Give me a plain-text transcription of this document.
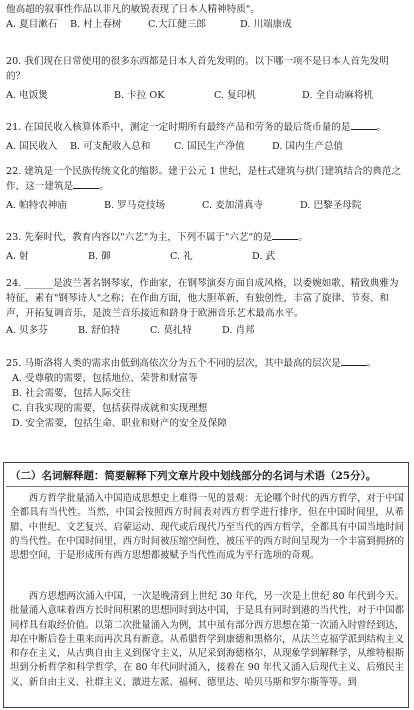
他高超的叙事性作品以非凡的敏锐表现了日本人精神特质"。
A. 夏目漱石	B. 村上春树	C.大江健三郎	D. 川端康成
20. 我们现在日常使用的很多东西都是日本人首先发明的。以下哪一项不是日本人首先发明的？
A. 电饭煲	B. 卡拉 OK	C. 复印机	D. 全自动麻将机
21. 在国民收入核算体系中，测定一定时期所有最终产品和劳务的最后货币量的是	。
A. 国民收入	B. 可支配收入总和	C. 国民生产净值	D. 国内生产总值
22. 建筑是一个民族传统文化的缩影。建于公元 1 世纪，是柱式建筑与拱门建筑结合的典范之作，这一建筑是	。
A. 帕特农神庙	B. 罗马竞技场	C. 麦加清真寺	D. 巴黎圣母院
23. 先秦时代，教育内容以"六艺"为主，下列不属于"六艺"的是	。
A. 射	B. 御	C. 礼	D. 武
24. ______是波兰著名钢琴家，作曲家，在钢琴演奏方面自成风格，以委婉如歌、精致典雅为特征，素有"钢琴诗人"之称；在作曲方面，他大胆革新，有独创性，丰富了旋律、节奏、和声，开拓复调音乐，是波兰音乐接近和跻身于欧洲音乐艺术最高水平。
A. 贝多芬	B. 舒伯特	C. 莫扎特	D. 肖邦
25. 马斯洛将人类的需求由低到高依次分为五个不同的层次，其中最高的层次是	。
A. 受尊敬的需要，包括地位、荣誉和财富等
B. 社会需要，包括人际交往
C. 自我实现的需要，包括获得成就和实现理想
D. 安全需要，包括生命、职业和财产的安全及保障
（二）名词解释题：简要解释下列文章片段中划线部分的名词与术语（25分）。
西方哲学批量涌入中国造成思想史上难得一见的景观：无论哪个时代的西方哲学，对于中国全都具有当代性。当然，中国会按照西方时间表对西方哲学进行排序，但在中国时间里，从希腊、中世纪、文艺复兴、启蒙运动、现代或后现代乃至当代的西方哲学，全都具有中国当地时间的当代性。在中国时间里，西方时间被压缩空间性，被压平的西方时间呈现为一个丰富到拥挤的思想空间，于是形成所有西方思想都被赋予当代性而成为平行选项的奇观。
西方思想两次涌入中国，一次是晚清到上世纪 30 年代，另一次是上世纪 80 年代到今天。批量涌入意味着西方长时间积累的思想同时到达中国，于是具有同时到港的当代性，对于中国都同样具有取经价值。以第二次批量涌入为例，其中虽有部分西方思想在第一次涌入时曾经到达，却在中断后卷土重来而再次具有新意。从希腊哲学到康德和黑格尔，从法兰克福学派到结构主义和存在主义，从古典自由主义到保守主义，从尼采到海德格尔，从现象学到解释学，从维特根斯坦到分析哲学和科学哲学，在 80 年代同时涌入，接着在 90 年代又涌入后现代主义、后殖民主义、新自由主义、社群主义、激进左派、福柯、德里达、哈贝马斯和罗尔斯等等。到
